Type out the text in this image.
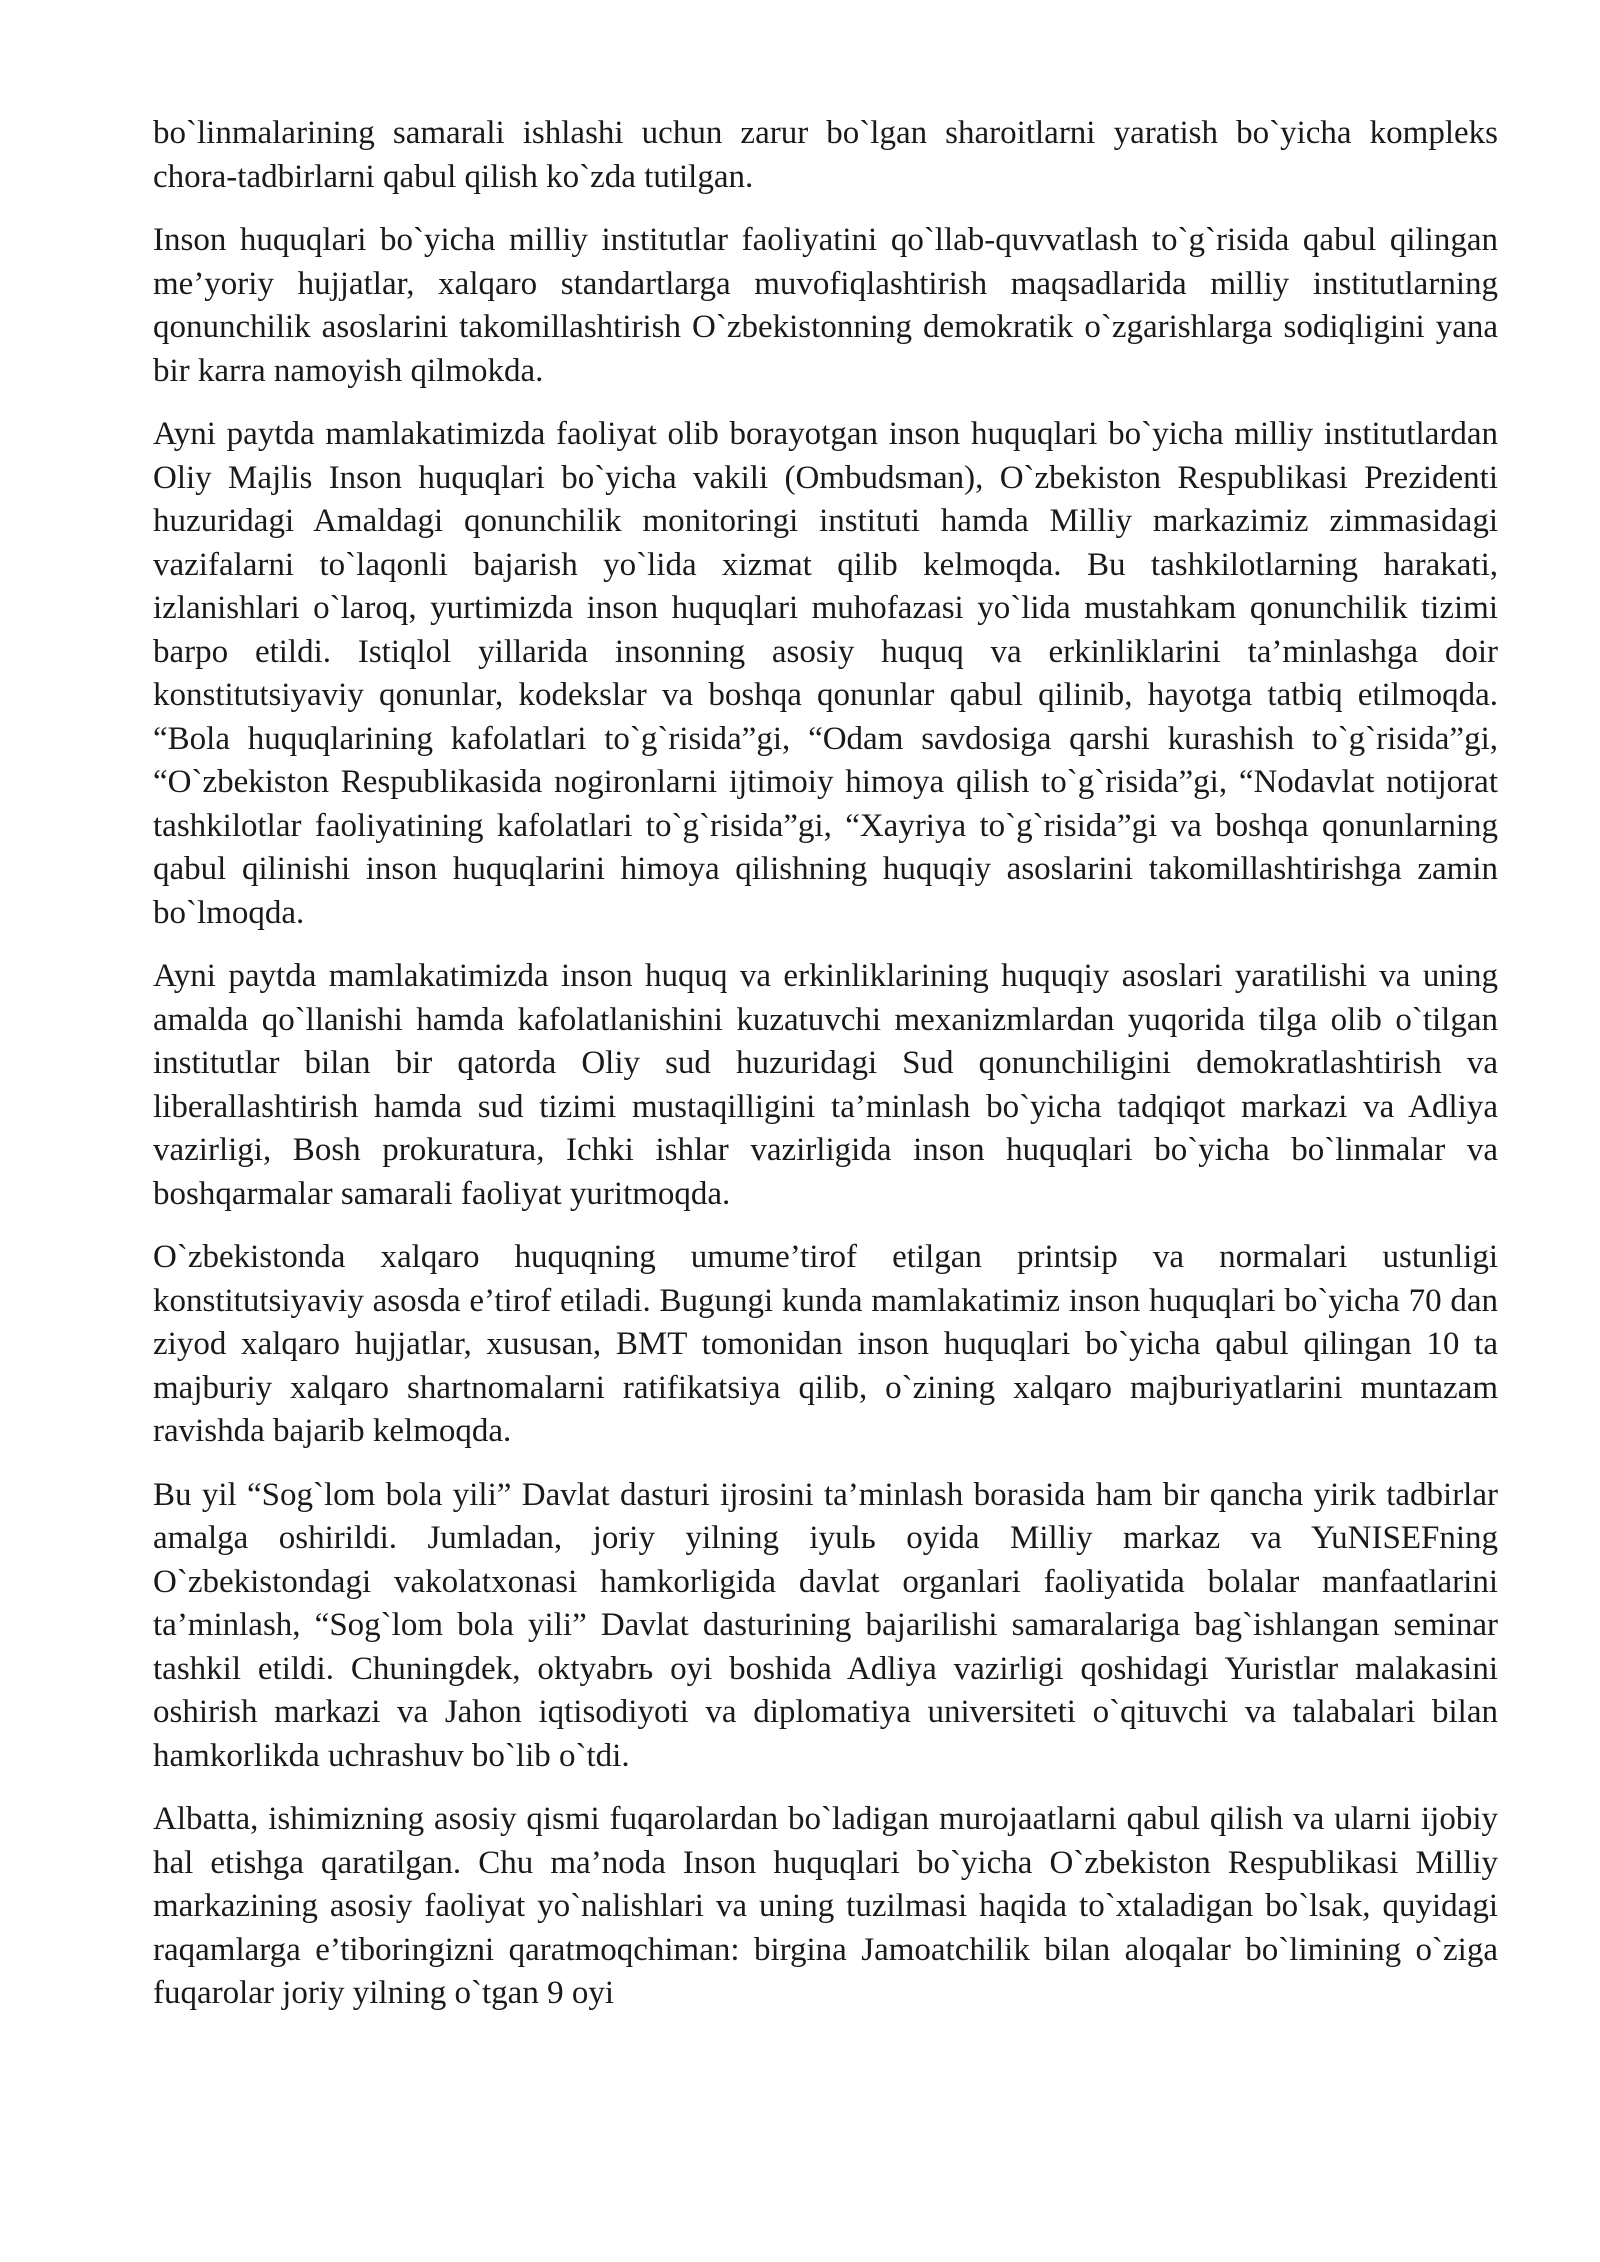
bo`linmalarining samarali ishlashi uchun zarur bo`lgan sharoitlarni yaratish bo`yicha kompleks chora-tadbirlarni qabul qilish ko`zda tutilgan.

Inson huquqlari bo`yicha milliy institutlar faoliyatini qo`llab-quvvatlash to`g`risida qabul qilingan me’yoriy hujjatlar, xalqaro standartlarga muvofiqlashtirish maqsadlarida milliy institutlarning qonunchilik asoslarini takomillashtirish O`zbekistonning demokratik o`zgarishlarga sodiqligini yana bir karra namoyish qilmokda.

Ayni paytda mamlakatimizda faoliyat olib borayotgan inson huquqlari bo`yicha milliy institutlardan Oliy Majlis Inson huquqlari bo`yicha vakili (Ombudsman), O`zbekiston Respublikasi Prezidenti huzuridagi Amaldagi qonunchilik monitoringi instituti hamda Milliy markazimiz zimmasidagi vazifalarni to`laqonli bajarish yo`lida xizmat qilib kelmoqda. Bu tashkilotlarning harakati, izlanishlari o`laroq, yurtimizda inson huquqlari muhofazasi yo`lida mustahkam qonunchilik tizimi barpo etildi. Istiqlol yillarida insonning asosiy huquq va erkinliklarini ta’minlashga doir konstitutsiyaviy qonunlar, kodekslar va boshqa qonunlar qabul qilinib, hayotga tatbiq etilmoqda. “Bola huquqlarining kafolatlari to`g`risida”gi, “Odam savdosiga qarshi kurashish to`g`risida”gi, “O`zbekiston Respublikasida nogironlarni ijtimoiy himoya qilish to`g`risida”gi, “Nodavlat notijorat tashkilotlar faoliyatining kafolatlari to`g`risida”gi, “Xayriya to`g`risida”gi va boshqa qonunlarning qabul qilinishi inson huquqlarini himoya qilishning huquqiy asoslarini takomillashtirishga zamin bo`lmoqda.

Ayni paytda mamlakatimizda inson huquq va erkinliklarining huquqiy asoslari yaratilishi va uning amalda qo`llanishi hamda kafolatlanishini kuzatuvchi mexanizmlardan yuqorida tilga olib o`tilgan institutlar bilan bir qatorda Oliy sud huzuridagi Sud qonunchiligini demokratlashtirish va liberallashtirish hamda sud tizimi mustaqilligini ta’minlash bo`yicha tadqiqot markazi va Adliya vazirligi, Bosh prokuratura, Ichki ishlar vazirligida inson huquqlari bo`yicha bo`linmalar va boshqarmalar samarali faoliyat yuritmoqda.

O`zbekistonda xalqaro huquqning umume’tirof etilgan printsip va normalari ustunligi konstitutsiyaviy asosda e’tirof etiladi. Bugungi kunda mamlakatimiz inson huquqlari bo`yicha 70 dan ziyod xalqaro hujjatlar, xususan, BMT tomonidan inson huquqlari bo`yicha qabul qilingan 10 ta majburiy xalqaro shartnomalarni ratifikatsiya qilib, o`zining xalqaro majburiyatlarini muntazam ravishda bajarib kelmoqda.

Bu yil “Sog`lom bola yili” Davlat dasturi ijrosini ta’minlash borasida ham bir qancha yirik tadbirlar amalga oshirildi. Jumladan, joriy yilning iyulь oyida Milliy markaz va YuNISEFning O`zbekistondagi vakolatxonasi hamkorligida davlat organlari faoliyatida bolalar manfaatlarini ta’minlash, “Sog`lom bola yili” Davlat dasturining bajarilishi samaralariga bag`ishlangan seminar tashkil etildi. Chuningdek, oktyabrь oyi boshida Adliya vazirligi qoshidagi Yuristlar malakasini oshirish markazi va Jahon iqtisodiyoti va diplomatiya universiteti o`qituvchi va talabalari bilan hamkorlikda uchrashuv bo`lib o`tdi.

Albatta, ishimizning asosiy qismi fuqarolardan bo`ladigan murojaatlarni qabul qilish va ularni ijobiy hal etishga qaratilgan. Chu ma’noda Inson huquqlari bo`yicha O`zbekiston Respublikasi Milliy markazining asosiy faoliyat yo`nalishlari va uning tuzilmasi haqida to`xtaladigan bo`lsak, quyidagi raqamlarga e’tiboringizni qaratmoqchiman: birgina Jamoatchilik bilan aloqalar bo`limining o`ziga fuqarolar joriy yilning o`tgan 9 oyi
